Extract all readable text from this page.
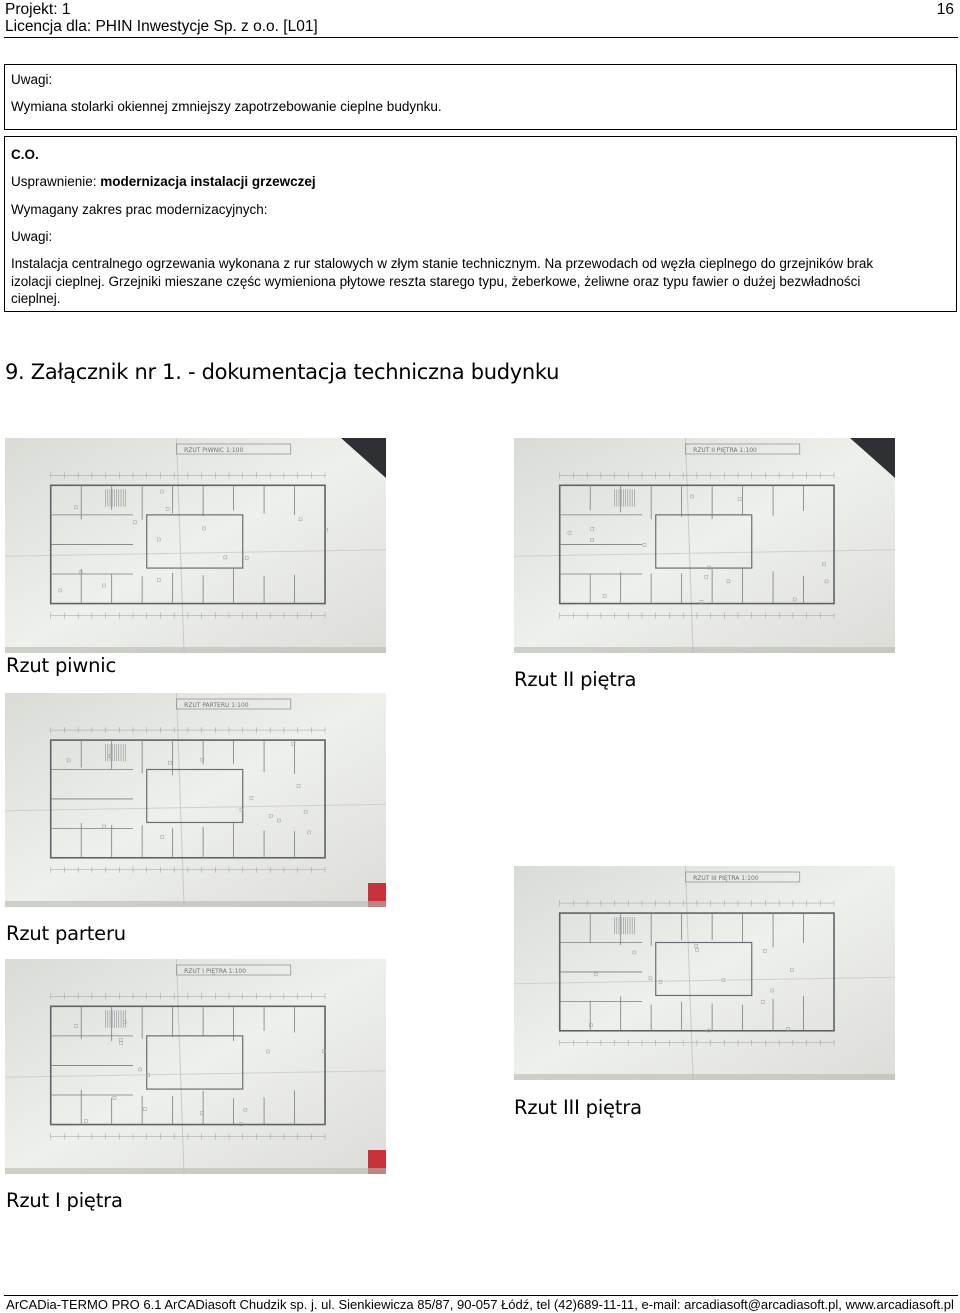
Projekt: 1
Licencja dla: PHIN Inwestycje Sp. z o.o. [L01]
16
Uwagi:
Wymiana stolarki okiennej zmniejszy zapotrzebowanie cieplne budynku.
C.O.
Usprawnienie: modernizacja instalacji grzewczej
Wymagany zakres prac modernizacyjnych:
Uwagi:
Instalacja centralnego ogrzewania wykonana z rur stalowych w złym stanie technicznym. Na przewodach od węzła cieplnego do grzejników brak
izolacji cieplnej. Grzejniki mieszane częśc wymieniona płytowe reszta starego typu, żeberkowe, żeliwne oraz typu fawier o dużej bezwładności
cieplnej.
9. Załącznik nr 1. - dokumentacja techniczna budynku
RZUT PIWNIC 1:100
Rzut piwnic
RZUT II PIĘTRA 1:100
Rzut II piętra
RZUT PARTERU 1:100
Rzut parteru
RZUT III PIĘTRA 1:100
Rzut III piętra
RZUT I PIĘTRA 1:100
Rzut I piętra
ArCADia-TERMO PRO 6.1 ArCADiasoft Chudzik sp. j. ul. Sienkiewicza 85/87, 90-057 Łódź, tel (42)689-11-11, e-mail: arcadiasoft@arcadiasoft.pl, www.arcadiasoft.pl
